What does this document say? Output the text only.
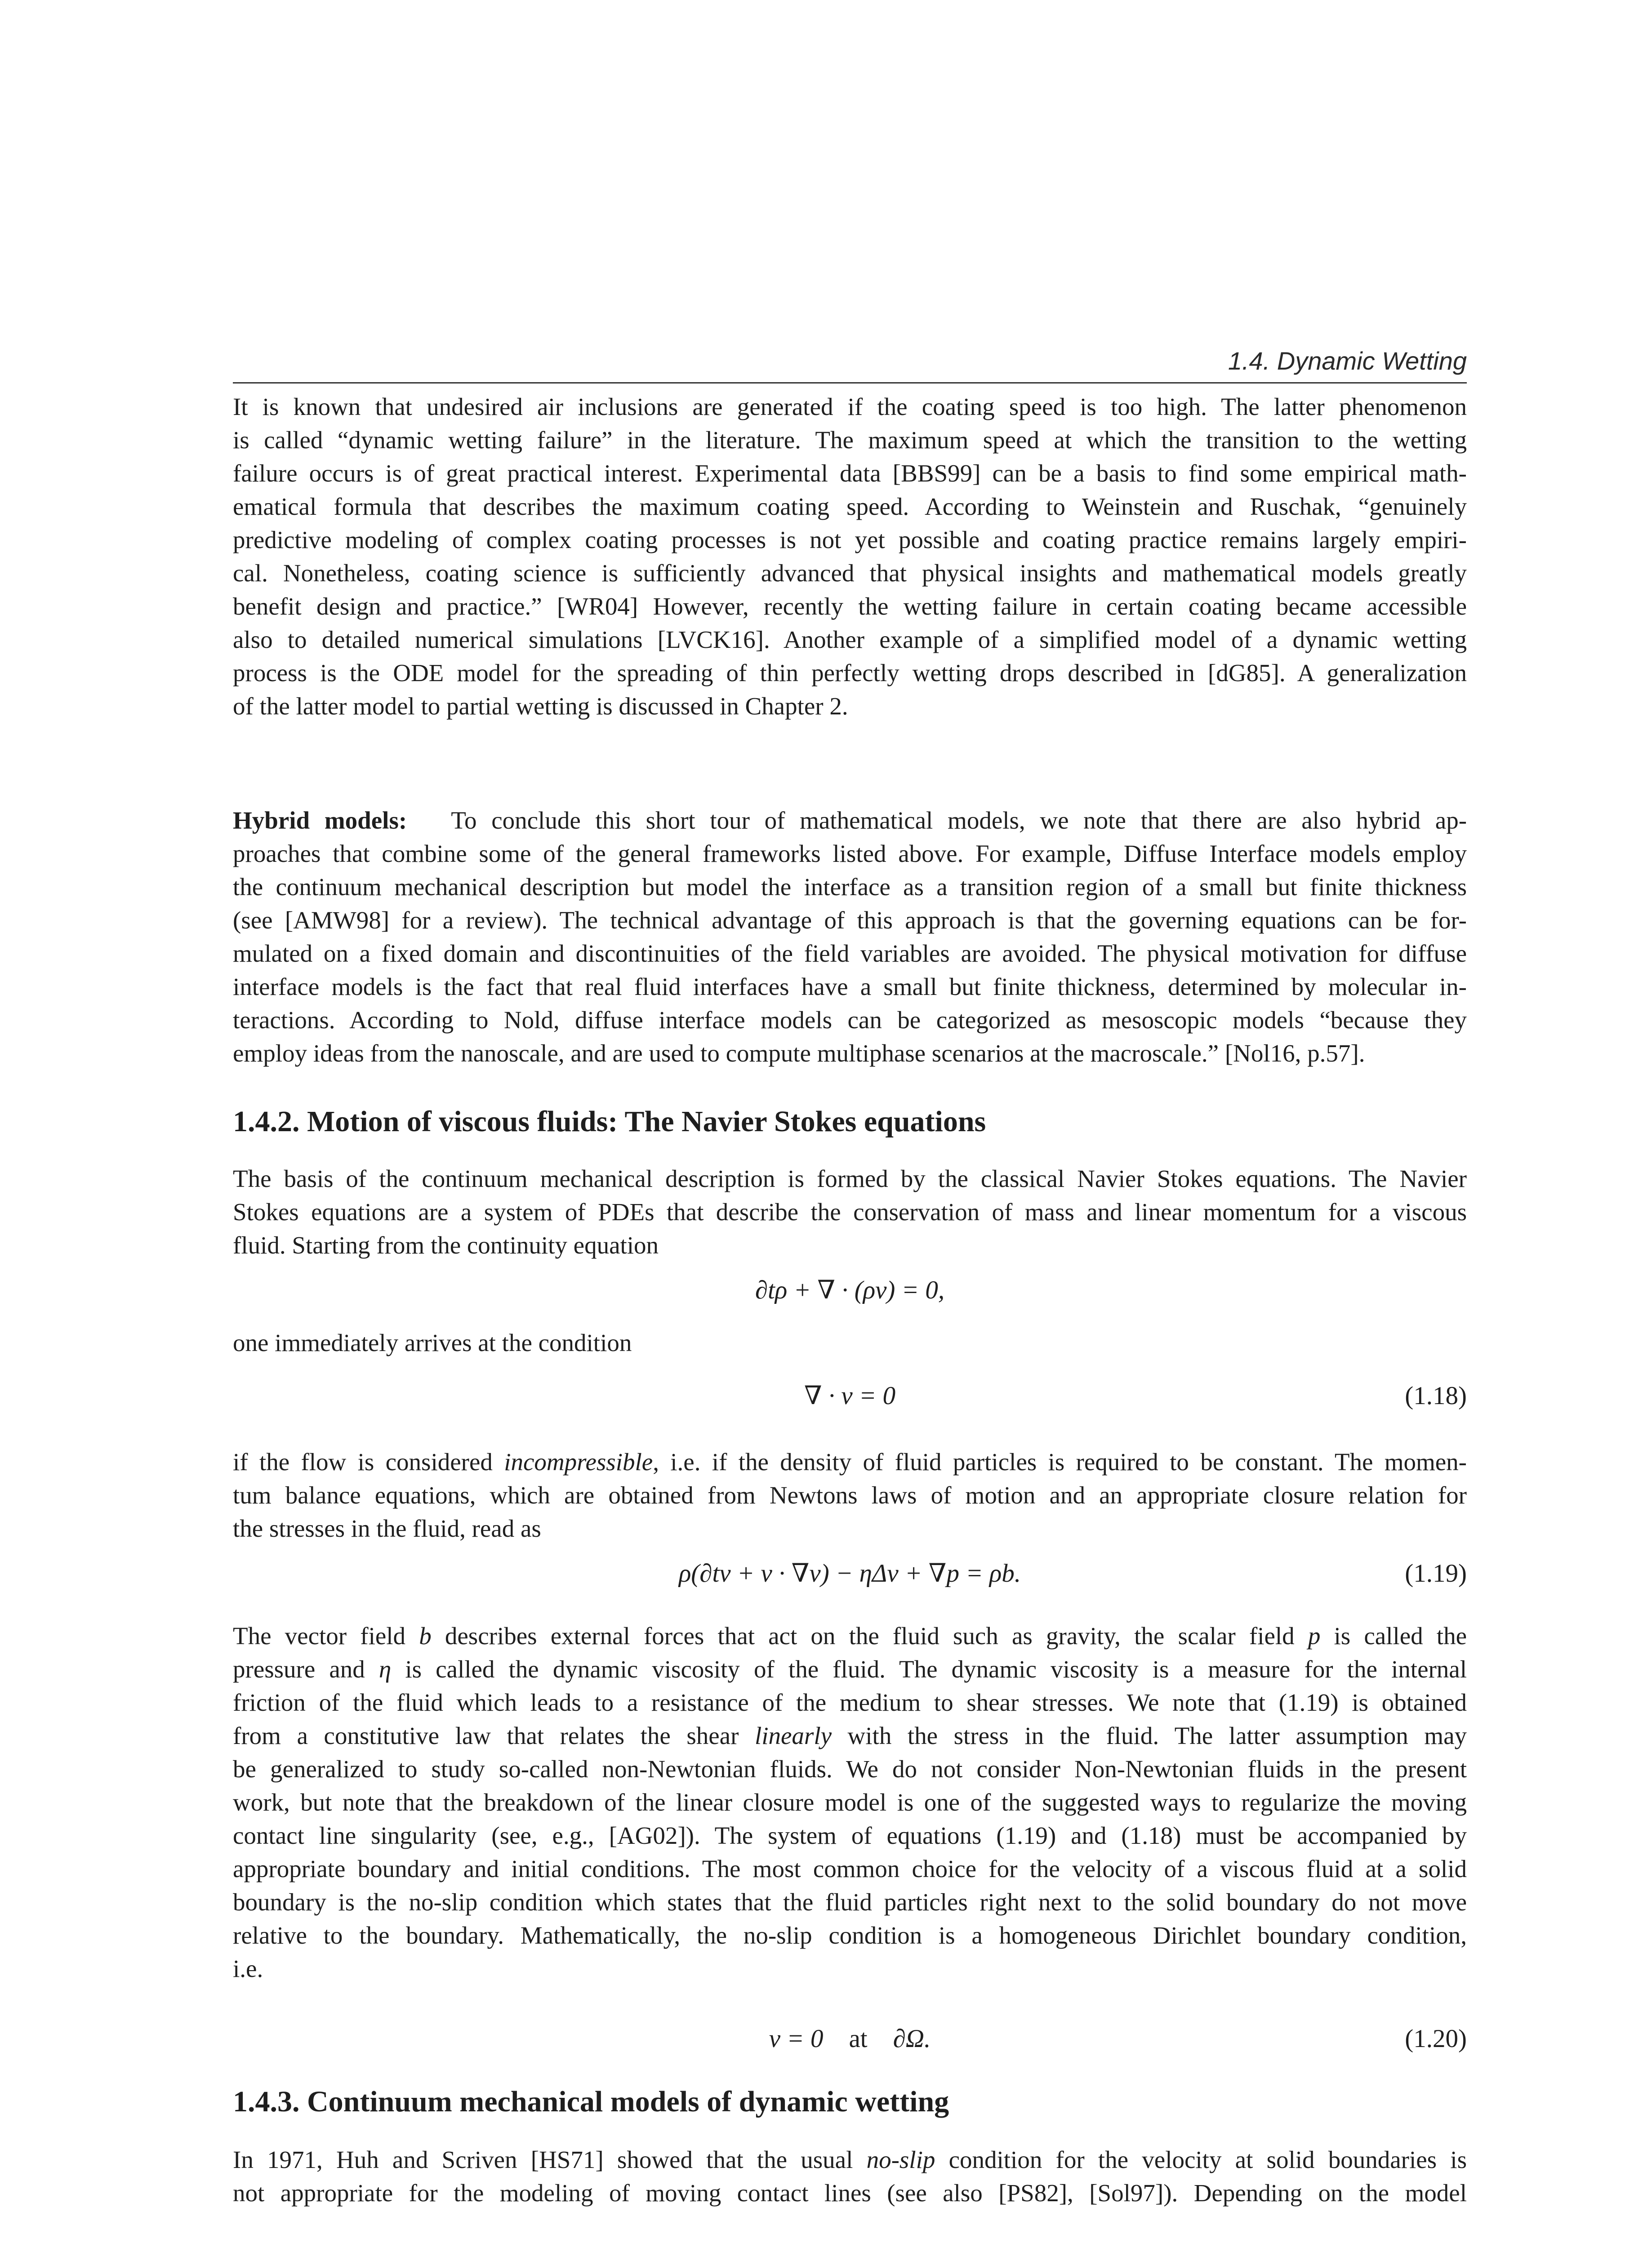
1.4. Dynamic Wetting
It is known that undesired air inclusions are generated if the coating speed is too high. The latter phenomenon
is called “dynamic wetting failure” in the literature. The maximum speed at which the transition to the wetting
failure occurs is of great practical interest. Experimental data [BBS99] can be a basis to find some empirical math-
ematical formula that describes the maximum coating speed. According to Weinstein and Ruschak, “genuinely
predictive modeling of complex coating processes is not yet possible and coating practice remains largely empiri-
cal. Nonetheless, coating science is sufficiently advanced that physical insights and mathematical models greatly
benefit design and practice.” [WR04] However, recently the wetting failure in certain coating became accessible
also to detailed numerical simulations [LVCK16]. Another example of a simplified model of a dynamic wetting
process is the ODE model for the spreading of thin perfectly wetting drops described in [dG85]. A generalization
of the latter model to partial wetting is discussed in Chapter 2.
Hybrid models: To conclude this short tour of mathematical models, we note that there are also hybrid ap-
proaches that combine some of the general frameworks listed above. For example, Diffuse Interface models employ
the continuum mechanical description but model the interface as a transition region of a small but finite thickness
(see [AMW98] for a review). The technical advantage of this approach is that the governing equations can be for-
mulated on a fixed domain and discontinuities of the field variables are avoided. The physical motivation for diffuse
interface models is the fact that real fluid interfaces have a small but finite thickness, determined by molecular in-
teractions. According to Nold, diffuse interface models can be categorized as mesoscopic models “because they
employ ideas from the nanoscale, and are used to compute multiphase scenarios at the macroscale.” [Nol16, p.57].
1.4.2. Motion of viscous fluids: The Navier Stokes equations
The basis of the continuum mechanical description is formed by the classical Navier Stokes equations. The Navier
Stokes equations are a system of PDEs that describe the conservation of mass and linear momentum for a viscous
fluid. Starting from the continuity equation
∂tρ + ∇ · (ρv) = 0,
one immediately arrives at the condition
∇ · v = 0	(1.18)
if the flow is considered incompressible, i.e. if the density of fluid particles is required to be constant. The momen-
tum balance equations, which are obtained from Newtons laws of motion and an appropriate closure relation for
the stresses in the fluid, read as
ρ(∂tv + v · ∇v) − ηΔv + ∇p = ρb.	(1.19)
The vector field b describes external forces that act on the fluid such as gravity, the scalar field p is called the
pressure and η is called the dynamic viscosity of the fluid. The dynamic viscosity is a measure for the internal
friction of the fluid which leads to a resistance of the medium to shear stresses. We note that (1.19) is obtained
from a constitutive law that relates the shear linearly with the stress in the fluid. The latter assumption may
be generalized to study so-called non-Newtonian fluids. We do not consider Non-Newtonian fluids in the present
work, but note that the breakdown of the linear closure model is one of the suggested ways to regularize the moving
contact line singularity (see, e.g., [AG02]). The system of equations (1.19) and (1.18) must be accompanied by
appropriate boundary and initial conditions. The most common choice for the velocity of a viscous fluid at a solid
boundary is the no-slip condition which states that the fluid particles right next to the solid boundary do not move
relative to the boundary. Mathematically, the no-slip condition is a homogeneous Dirichlet boundary condition,
i.e.
v = 0 at ∂Ω.	(1.20)
1.4.3. Continuum mechanical models of dynamic wetting
In 1971, Huh and Scriven [HS71] showed that the usual no-slip condition for the velocity at solid boundaries is
not appropriate for the modeling of moving contact lines (see also [PS82], [Sol97]). Depending on the model
